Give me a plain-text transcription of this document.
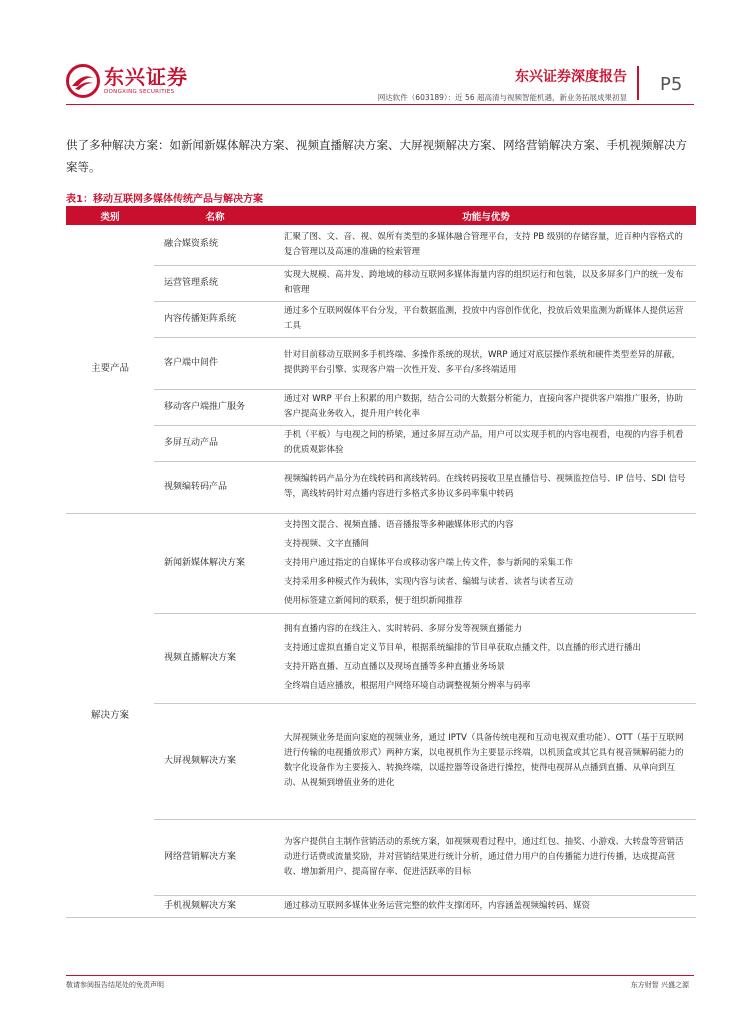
东兴证券
DONGXING SECURITIES
东兴证券深度报告
网达软件（603189）：近 56 超高清与视频智能机遇，新业务拓展成果初显
P5

供了多种解决方案：如新闻新媒体解决方案、视频直播解决方案、大屏视频解决方案、网络营销解决方案、手机视频解决方案等。

表1：移动互联网多媒体传统产品与解决方案
类别	名称	功能与优势
主要产品	融合媒资系统	汇聚了图、文、音、视、娱所有类型的多媒体融合管理平台，支持 PB 级别的存储容量，近百种内容格式的复合管理以及高速的准确的检索管理

	运营管理系统	实现大规模、高并发、跨地域的移动互联网多媒体海量内容的组织运行和包装，以及多屏多门户的统一发布和管理

	内容传播矩阵系统	通过多个互联网媒体平台分发，平台数据监测，投放中内容创作优化，投放后效果监测为新媒体人提供运营工具

	客户端中间件	针对目前移动互联网多手机终端、多操作系统的现状，WRP 通过对底层操作系统和硬件类型差异的屏蔽，提供跨平台引擎、实现客户端一次性开发、多平台/多终端适用

	移动客户端推广服务	通过对 WRP 平台上积累的用户数据，结合公司的大数据分析能力，直接向客户提供客户端推广服务，协助客户提高业务收入，提升用户转化率

	多屏互动产品	手机（平板）与电视之间的桥梁，通过多屏互动产品，用户可以实现手机的内容电视看，电视的内容手机看的优质观影体验

	视频编转码产品	视频编转码产品分为在线转码和离线转码。在线转码接收卫星直播信号、视频监控信号、IP 信号、SDI 信号等，离线转码针对点播内容进行多格式多协议多码率集中转码

解决方案	新闻新媒体解决方案	支持图文混合、视频直播、语音播报等多种融媒体形式的内容
支持视频、文字直播间
支持用户通过指定的自媒体平台或移动客户端上传文件，参与新闻的采集工作
支持采用多种模式作为载体，实现内容与读者、编辑与读者、读者与读者互动
使用标签建立新闻间的联系，便于组织新闻推荐

	视频直播解决方案	拥有直播内容的在线注入、实时转码、多屏分发等视频直播能力
支持通过虚拟直播自定义节目单，根据系统编排的节目单获取点播文件，以直播的形式进行播出
支持开路直播、互动直播以及现场直播等多种直播业务场景
全终端自适应播放，根据用户网络环境自动调整视频分辨率与码率

	大屏视频解决方案	大屏视频业务是面向家庭的视频业务，通过 IPTV（具备传统电视和互动电视双重功能）、OTT（基于互联网进行传输的电视播放形式）两种方案，以电视机作为主要显示终端，以机顶盒或其它具有视音频解码能力的数字化设备作为主要接入、转换终端，以遥控器等设备进行操控，使得电视屏从点播到直播、从单向到互动、从视频到增值业务的进化

	网络营销解决方案	为客户提供自主制作营销活动的系统方案，如视频观看过程中，通过红包、抽奖、小游戏、大转盘等营销活动进行话费或流量奖励，并对营销结果进行统计分析，通过借力用户的自传播能力进行传播，达成提高营收、增加新用户、提高留存率、促进活跃率的目标

	手机视频解决方案	通过移动互联网多媒体业务运营完整的软件支撑闭环，内容涵盖视频编转码、媒资
敬请参阅报告结尾处的免责声明	东方财智 兴盛之源
